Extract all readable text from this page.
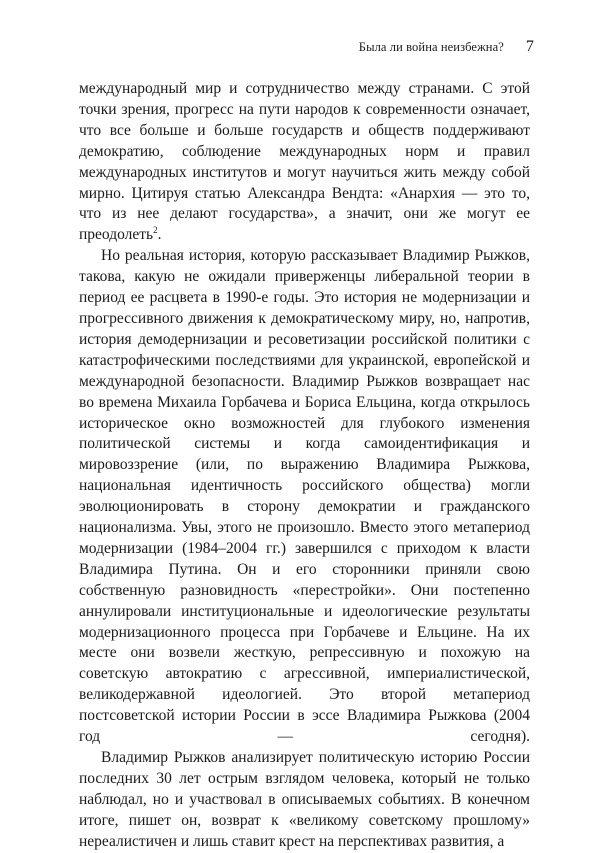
Была ли война неизбежна? 7

международный мир и сотрудничество между странами. С этой точки зрения, прогресс на пути народов к современности означает, что все больше и больше государств и обществ поддерживают демократию, соблюдение международных норм и правил международных институтов и могут научиться жить между собой мирно. Цитируя статью Александра Вендта: «Анархия — это то, что из нее делают государства», а значит, они же могут ее преодолеть$^2$.

Но реальная история, которую рассказывает Владимир Рыжков, такова, какую не ожидали приверженцы либеральной теории в период ее расцвета в 1990-е годы. Это история не модернизации и прогрессивного движения к демократическому миру, но, напротив, история демодернизации и ресоветизации российской политики с катастрофическими последствиями для украинской, европейской и международной безопасности. Владимир Рыжков возвращает нас во времена Михаила Горбачева и Бориса Ельцина, когда открылось историческое окно возможностей для глубокого изменения политической системы и когда самоидентификация и мировоззрение (или, по выражению Владимира Рыжкова, национальная идентичность российского общества) могли эволюционировать в сторону демократии и гражданского национализма. Увы, этого не произошло. Вместо этого метапериод модернизации (1984–2004 гг.) завершился с приходом к власти Владимира Путина. Он и его сторонники приняли свою собственную разновидность «перестройки». Они постепенно аннулировали институциональные и идеологические результаты модернизационного процесса при Горбачеве и Ельцине. На их месте они возвели жесткую, репрессивную и похожую на советскую автократию с агрессивной, империалистической, великодержавной идеологией. Это второй метапериод постсоветской истории России в эссе Владимира Рыжкова (2004 год — сегодня).

Владимир Рыжков анализирует политическую историю России последних 30 лет острым взглядом человека, который не только наблюдал, но и участвовал в описываемых событиях. В конечном итоге, пишет он, возврат к «великому советскому прошлому» нереалистичен и лишь ставит крест на перспективах развития, а
